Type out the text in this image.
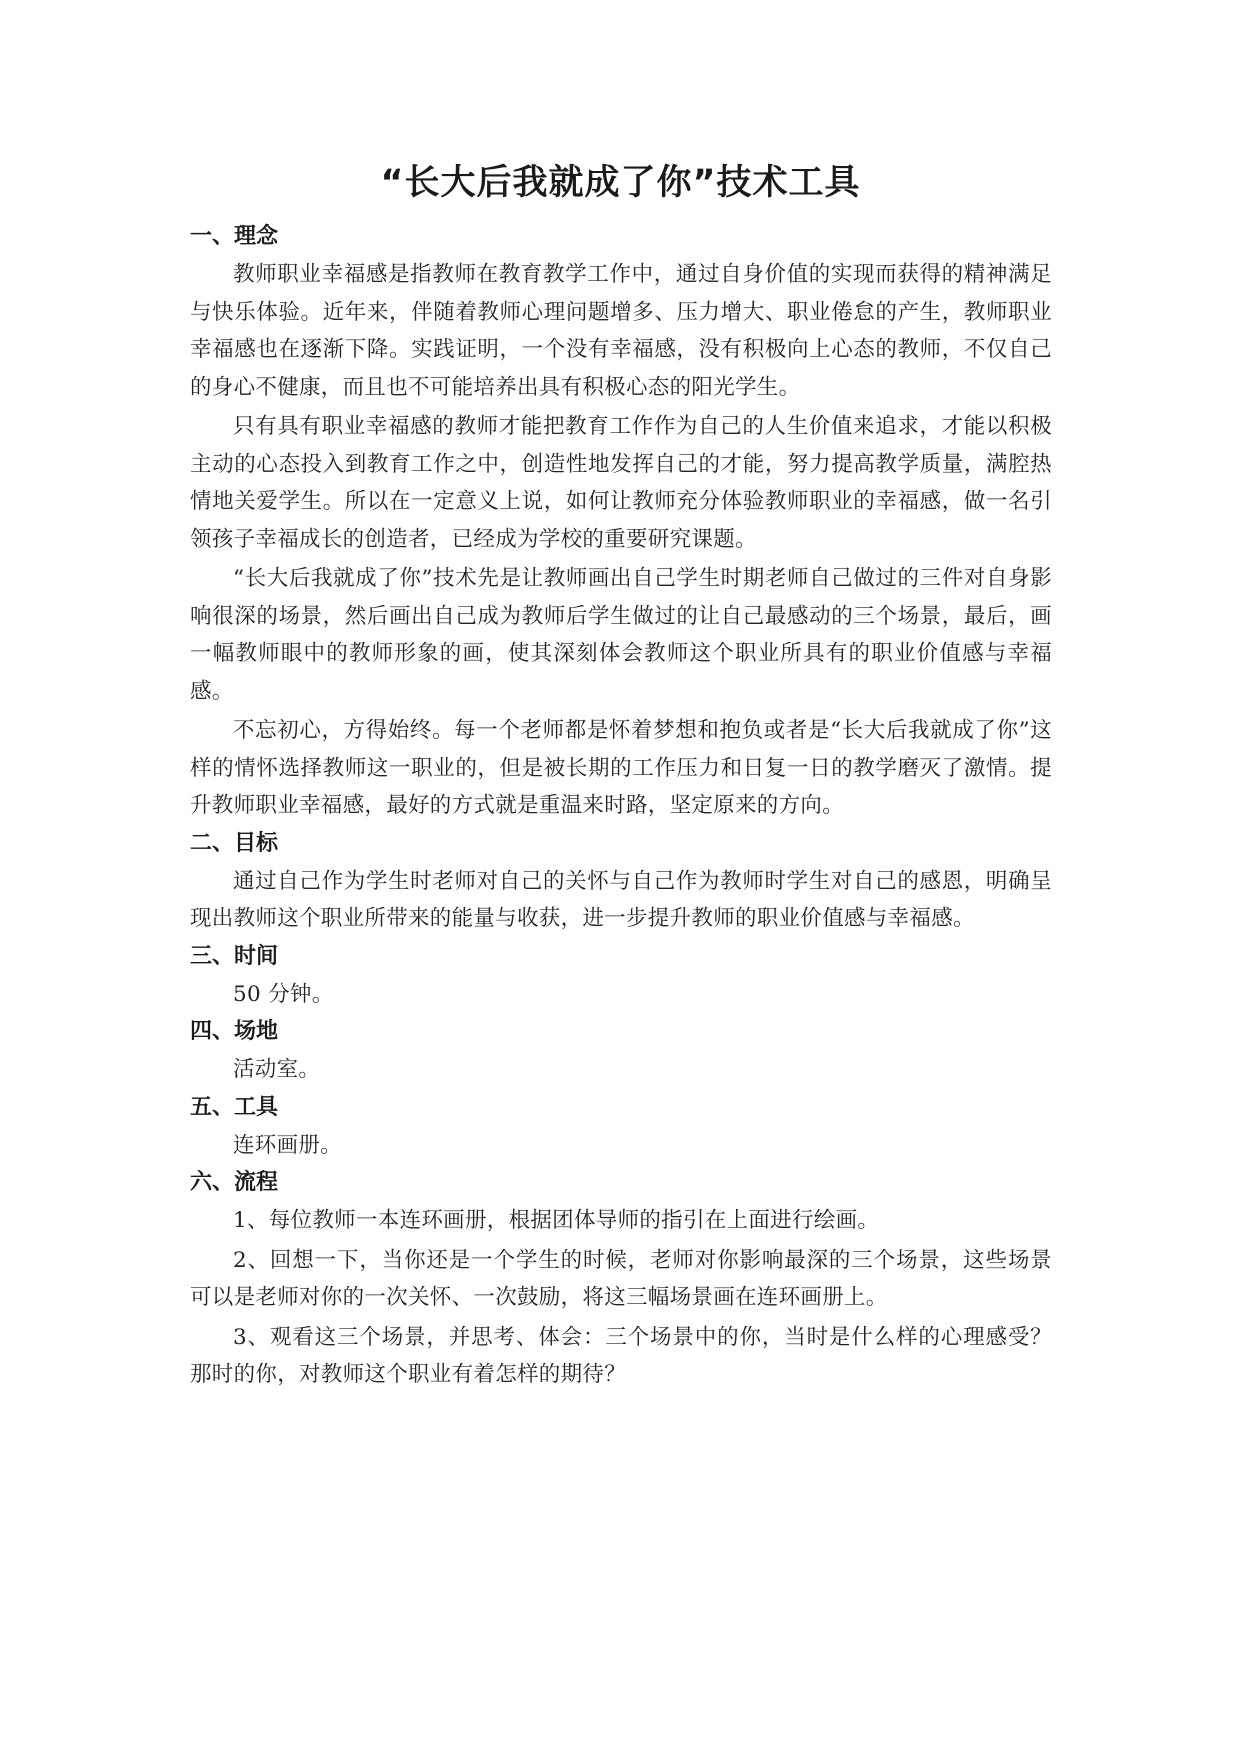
“长大后我就成了你”技术工具
一、理念

教师职业幸福感是指教师在教育教学工作中，通过自身价值的实现而获得的精神满足与快乐体验。近年来，伴随着教师心理问题增多、压力增大、职业倦怠的产生，教师职业幸福感也在逐渐下降。实践证明，一个没有幸福感，没有积极向上心态的教师，不仅自己的身心不健康，而且也不可能培养出具有积极心态的阳光学生。

只有具有职业幸福感的教师才能把教育工作作为自己的人生价值来追求，才能以积极主动的心态投入到教育工作之中，创造性地发挥自己的才能，努力提高教学质量，满腔热情地关爱学生。所以在一定意义上说，如何让教师充分体验教师职业的幸福感，做一名引领孩子幸福成长的创造者，已经成为学校的重要研究课题。

“长大后我就成了你”技术先是让教师画出自己学生时期老师自己做过的三件对自身影响很深的场景，然后画出自己成为教师后学生做过的让自己最感动的三个场景，最后，画一幅教师眼中的教师形象的画，使其深刻体会教师这个职业所具有的职业价值感与幸福感。

不忘初心，方得始终。每一个老师都是怀着梦想和抱负或者是“长大后我就成了你”这样的情怀选择教师这一职业的，但是被长期的工作压力和日复一日的教学磨灭了激情。提升教师职业幸福感，最好的方式就是重温来时路，坚定原来的方向。

二、目标

通过自己作为学生时老师对自己的关怀与自己作为教师时学生对自己的感恩，明确呈现出教师这个职业所带来的能量与收获，进一步提升教师的职业价值感与幸福感。

三、时间

50 分钟。

四、场地

活动室。

五、工具

连环画册。

六、流程

1、每位教师一本连环画册，根据团体导师的指引在上面进行绘画。

2、回想一下，当你还是一个学生的时候，老师对你影响最深的三个场景，这些场景可以是老师对你的一次关怀、一次鼓励，将这三幅场景画在连环画册上。

3、观看这三个场景，并思考、体会：三个场景中的你，当时是什么样的心理感受？那时的你，对教师这个职业有着怎样的期待？
